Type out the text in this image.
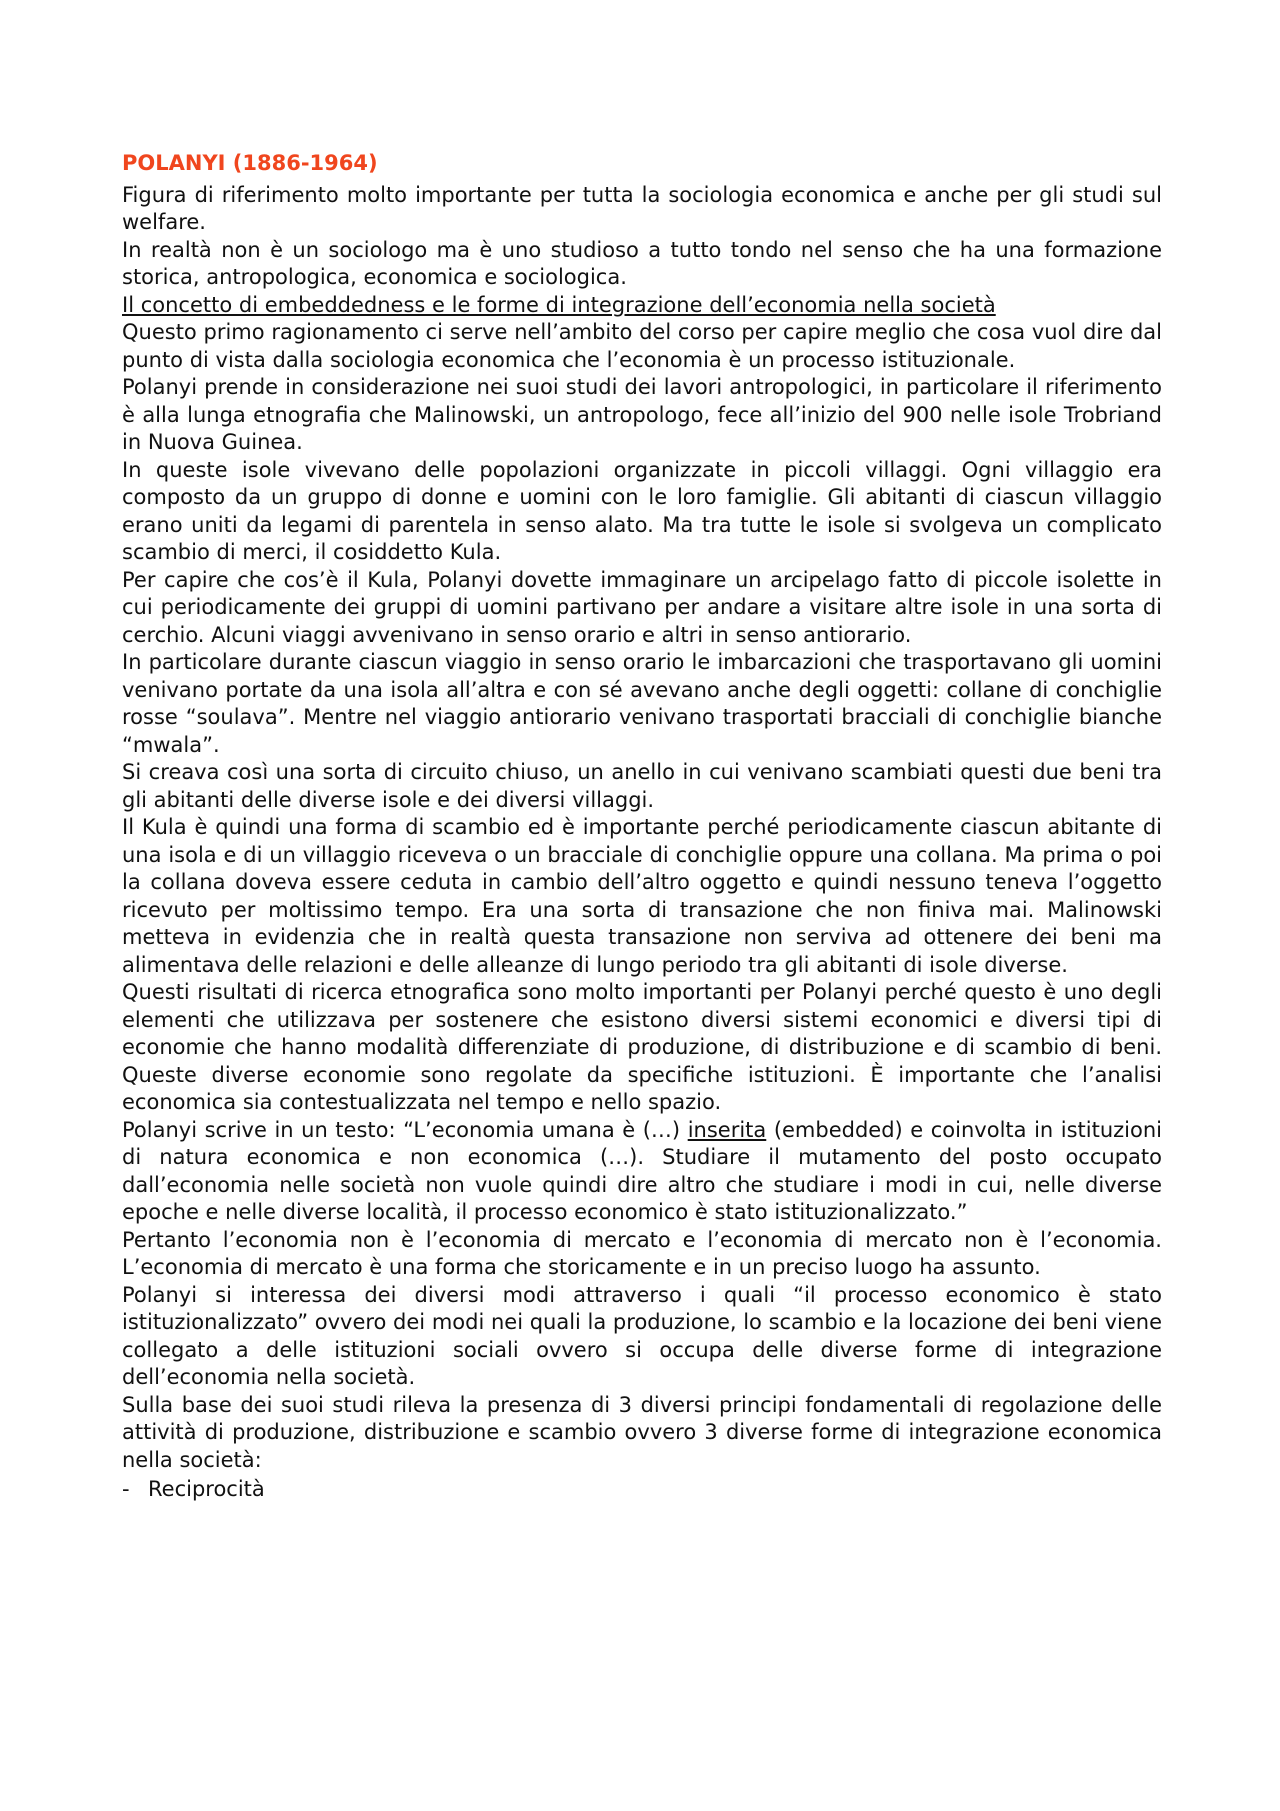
POLANYI (1886-1964)

Figura di riferimento molto importante per tutta la sociologia economica e anche per gli studi sul welfare.

In realtà non è un sociologo ma è uno studioso a tutto tondo nel senso che ha una formazione storica, antropologica, economica e sociologica.

Il concetto di embeddedness e le forme di integrazione dell’economia nella società

Questo primo ragionamento ci serve nell’ambito del corso per capire meglio che cosa vuol dire dal punto di vista dalla sociologia economica che l’economia è un processo istituzionale.

Polanyi prende in considerazione nei suoi studi dei lavori antropologici, in particolare il riferimento è alla lunga etnografia che Malinowski, un antropologo, fece all’inizio del 900 nelle isole Trobriand in Nuova Guinea.

In queste isole vivevano delle popolazioni organizzate in piccoli villaggi. Ogni villaggio era composto da un gruppo di donne e uomini con le loro famiglie. Gli abitanti di ciascun villaggio erano uniti da legami di parentela in senso alato. Ma tra tutte le isole si svolgeva un complicato scambio di merci, il cosiddetto Kula.

Per capire che cos’è il Kula, Polanyi dovette immaginare un arcipelago fatto di piccole isolette in cui periodicamente dei gruppi di uomini partivano per andare a visitare altre isole in una sorta di cerchio. Alcuni viaggi avvenivano in senso orario e altri in senso antiorario.

In particolare durante ciascun viaggio in senso orario le imbarcazioni che trasportavano gli uomini venivano portate da una isola all’altra e con sé avevano anche degli oggetti: collane di conchiglie rosse “soulava”. Mentre nel viaggio antiorario venivano trasportati bracciali di conchiglie bianche “mwala”.

Si creava così una sorta di circuito chiuso, un anello in cui venivano scambiati questi due beni tra gli abitanti delle diverse isole e dei diversi villaggi.

Il Kula è quindi una forma di scambio ed è importante perché periodicamente ciascun abitante di una isola e di un villaggio riceveva o un bracciale di conchiglie oppure una collana. Ma prima o poi la collana doveva essere ceduta in cambio dell’altro oggetto e quindi nessuno teneva l’oggetto ricevuto per moltissimo tempo. Era una sorta di transazione che non finiva mai. Malinowski metteva in evidenzia che in realtà questa transazione non serviva ad ottenere dei beni ma alimentava delle relazioni e delle alleanze di lungo periodo tra gli abitanti di isole diverse.

Questi risultati di ricerca etnografica sono molto importanti per Polanyi perché questo è uno degli elementi che utilizzava per sostenere che esistono diversi sistemi economici e diversi tipi di economie che hanno modalità differenziate di produzione, di distribuzione e di scambio di beni. Queste diverse economie sono regolate da specifiche istituzioni. È importante che l’analisi economica sia contestualizzata nel tempo e nello spazio.

Polanyi scrive in un testo: “L’economia umana è (…) inserita (embedded) e coinvolta in istituzioni di natura economica e non economica (…). Studiare il mutamento del posto occupato dall’economia nelle società non vuole quindi dire altro che studiare i modi in cui, nelle diverse epoche e nelle diverse località, il processo economico è stato istituzionalizzato.”

Pertanto l’economia non è l’economia di mercato e l’economia di mercato non è l’economia. L’economia di mercato è una forma che storicamente e in un preciso luogo ha assunto.

Polanyi si interessa dei diversi modi attraverso i quali “il processo economico è stato istituzionalizzato” ovvero dei modi nei quali la produzione, lo scambio e la locazione dei beni viene collegato a delle istituzioni sociali ovvero si occupa delle diverse forme di integrazione dell’economia nella società.

Sulla base dei suoi studi rileva la presenza di 3 diversi principi fondamentali di regolazione delle attività di produzione, distribuzione e scambio ovvero 3 diverse forme di integrazione economica nella società:

- Reciprocità
